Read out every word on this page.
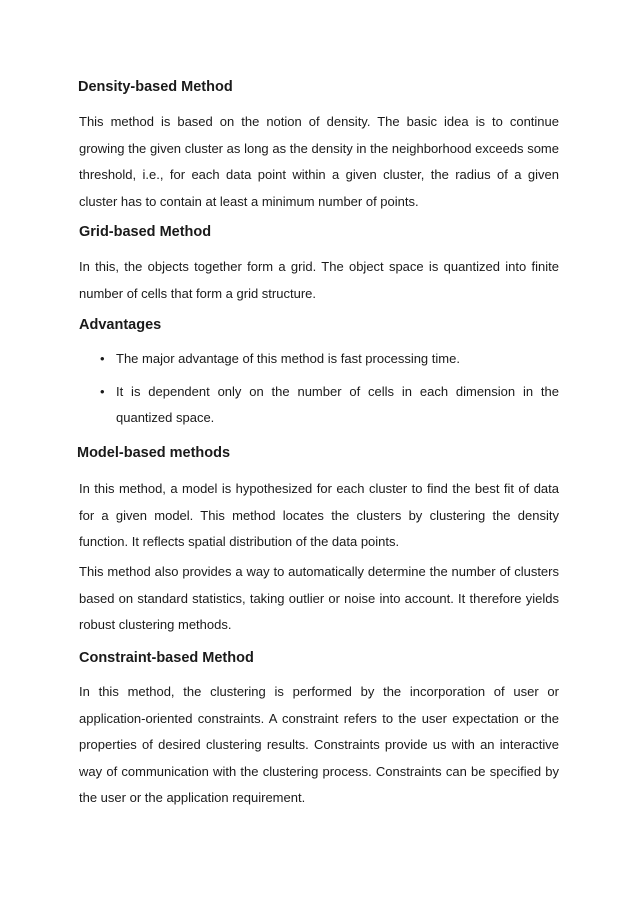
Density-based Method

This method is based on the notion of density. The basic idea is to continue growing the given cluster as long as the density in the neighborhood exceeds some threshold, i.e., for each data point within a given cluster, the radius of a given cluster has to contain at least a minimum number of points.

Grid-based Method

In this, the objects together form a grid. The object space is quantized into finite number of cells that form a grid structure.

Advantages
• The major advantage of this method is fast processing time.
• It is dependent only on the number of cells in each dimension in the quantized space.
Model-based methods

In this method, a model is hypothesized for each cluster to find the best fit of data for a given model. This method locates the clusters by clustering the density function. It reflects spatial distribution of the data points.

This method also provides a way to automatically determine the number of clusters based on standard statistics, taking outlier or noise into account. It therefore yields robust clustering methods.

Constraint-based Method

In this method, the clustering is performed by the incorporation of user or application-oriented constraints. A constraint refers to the user expectation or the properties of desired clustering results. Constraints provide us with an interactive way of communication with the clustering process. Constraints can be specified by the user or the application requirement.
